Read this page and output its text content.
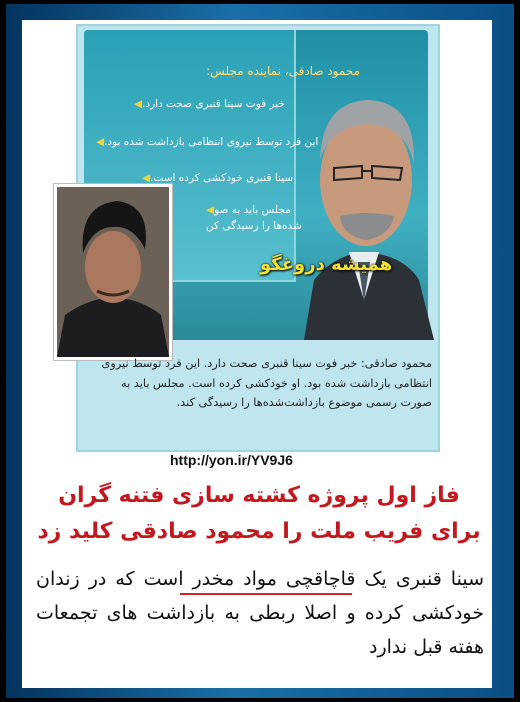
محمود صادقی، نماینده مجلس:
خبر فوت سینا قنبری صحت دارد.◀
این فرد توسط نیروی انتظامی بازداشت شده بود.◀
سینا قنبری خودکشی کرده است.◀
مجلس باید به صو◀
شده‌ها را رسیدگی کن
همیشه دروغگو
محمود صادقی: خبر فوت سینا قنبری صحت دارد. این فرد توسط نیروی انتظامی بازداشت شده بود. او خودکشی کرده است. مجلس باید به صورت رسمی موضوع بازداشت‌شده‌ها را رسیدگی کند.
http://yon.ir/YV9J6
فاز اول پروژه کشته سازی فتنه گران برای فریب ملت را محمود صادقی کلید زد
سینا قنبری یک قاچاقچی مواد مخدر است که در زندان خودکشی کرده و اصلا ربطی به بازداشت های تجمعات هفته قبل ندارد
